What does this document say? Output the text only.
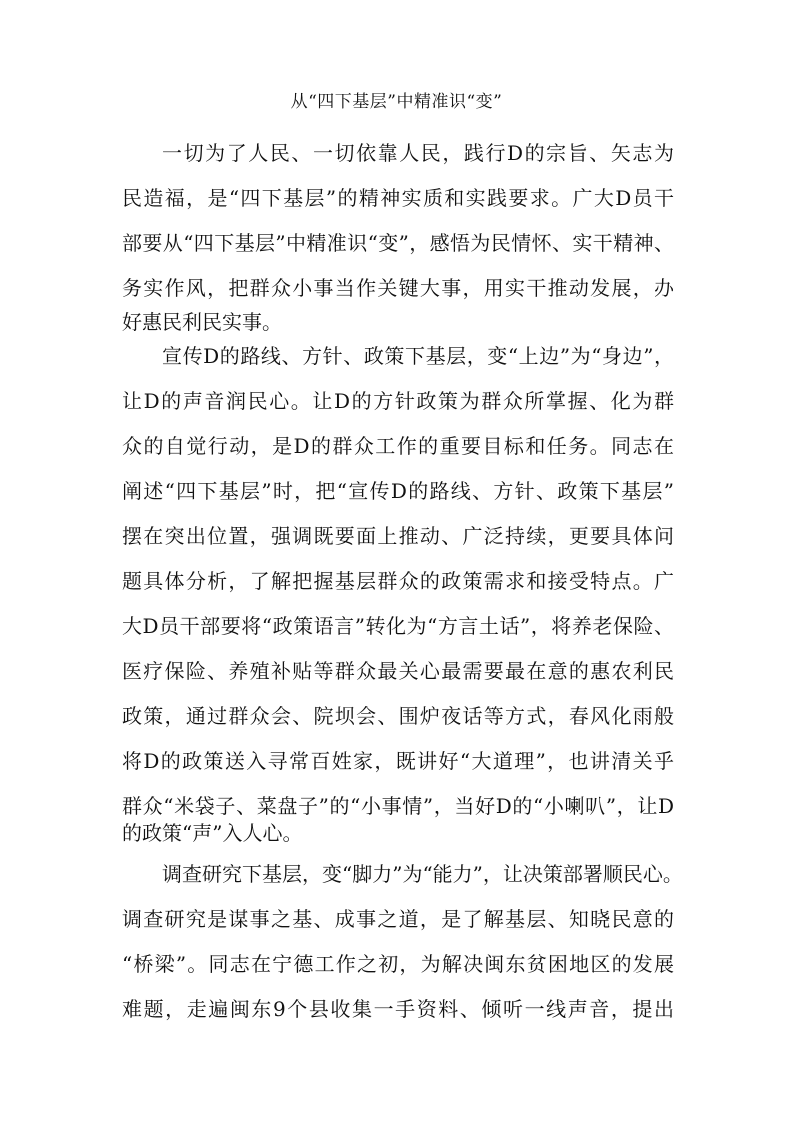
从“四下基层”中精准识“变”
一切为了人民、一切依靠人民，践行D的宗旨、矢志为
民造福，是“四下基层”的精神实质和实践要求。广大D员干
部要从“四下基层”中精准识“变”，感悟为民情怀、实干精神、
务实作风，把群众小事当作关键大事，用实干推动发展，办
好惠民利民实事。
宣传D的路线、方针、政策下基层，变“上边”为“身边”，
让D的声音润民心。让D的方针政策为群众所掌握、化为群
众的自觉行动，是D的群众工作的重要目标和任务。同志在
阐述“四下基层”时，把“宣传D的路线、方针、政策下基层”
摆在突出位置，强调既要面上推动、广泛持续，更要具体问
题具体分析，了解把握基层群众的政策需求和接受特点。广
大D员干部要将“政策语言”转化为“方言土话”，将养老保险、
医疗保险、养殖补贴等群众最关心最需要最在意的惠农利民
政策，通过群众会、院坝会、围炉夜话等方式，春风化雨般
将D的政策送入寻常百姓家，既讲好“大道理”，也讲清关乎
群众“米袋子、菜盘子”的“小事情”，当好D的“小喇叭”，让D
的政策“声”入人心。
调查研究下基层，变“脚力”为“能力”，让决策部署顺民心。
调查研究是谋事之基、成事之道，是了解基层、知晓民意的
“桥梁”。同志在宁德工作之初，为解决闽东贫困地区的发展
难题，走遍闽东9个县收集一手资料、倾听一线声音，提出
